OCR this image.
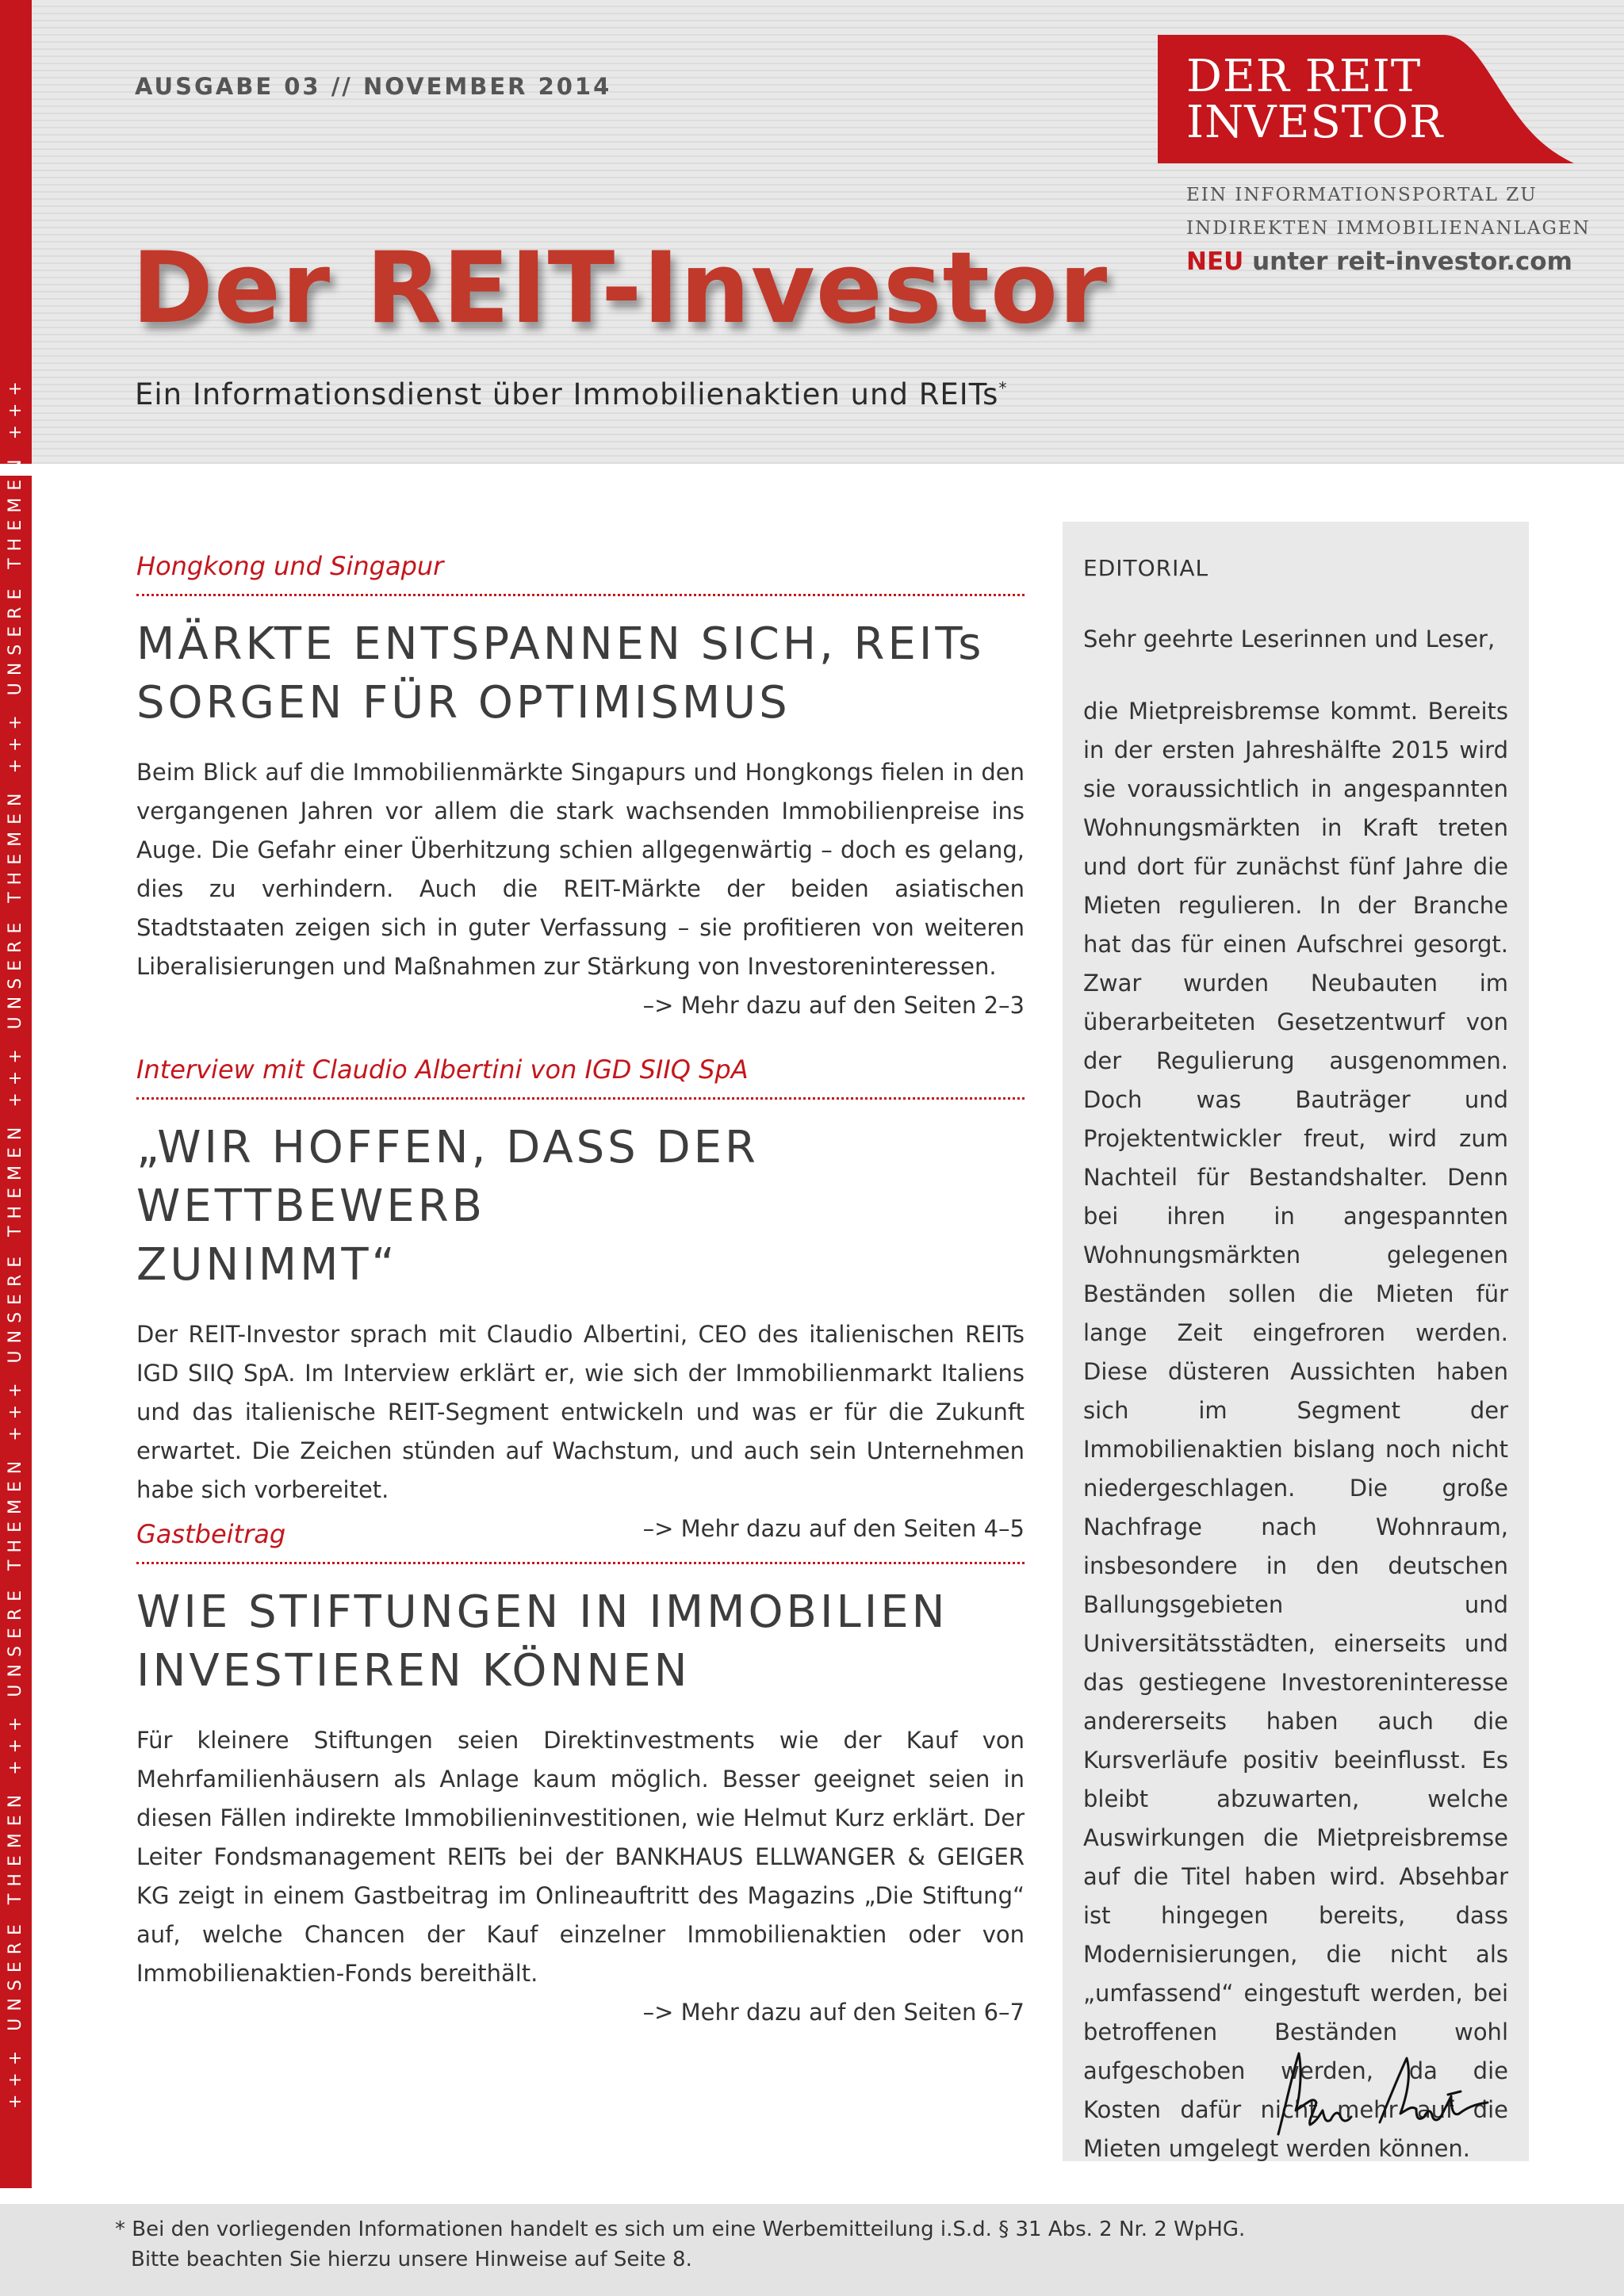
AUSGABE 03 // NOVEMBER 2014
Der REIT-Investor
Ein Informationsdienst über Immobilienaktien und REITs*
DER REIT
INVESTOR
EIN INFORMATIONSPORTAL ZU
INDIREKTEN IMMOBILIENANLAGEN
NEU unter reit-investor.com
+++ UNSERE THEMEN +++ UNSERE THEMEN +++ UNSERE THEMEN +++ UNSERE THEMEN +++ UNSERE THEMEN +++	Hongkong und Singapur
MÄRKTE ENTSPANNEN SICH, REITs
SORGEN FÜR OPTIMISMUS
Beim Blick auf die Immobilienmärkte Singapurs und Hongkongs fielen in den vergangenen Jahren vor allem die stark wachsenden Immobilienpreise ins Auge. Die Gefahr einer Überhitzung schien allgegenwärtig – doch es gelang, dies zu verhindern. Auch die REIT-Märkte der beiden asiatischen Stadtstaaten zeigen sich in guter Verfassung – sie profitieren von weiteren Liberalisierungen und Maßnahmen zur Stärkung von Investoreninteressen.
–> Mehr dazu auf den Seiten 2–3
Interview mit Claudio Albertini von IGD SIIQ SpA
„WIR HOFFEN, DASS DER WETTBEWERB
ZUNIMMT“
Der REIT-Investor sprach mit Claudio Albertini, CEO des italienischen REITs IGD SIIQ SpA. Im Interview erklärt er, wie sich der Immobilienmarkt Italiens und das italienische REIT-Segment entwickeln und was er für die Zukunft erwartet. Die Zeichen stünden auf Wachstum, und auch sein Unternehmen habe sich vorbereitet.
–> Mehr dazu auf den Seiten 4–5
Gastbeitrag
WIE STIFTUNGEN IN IMMOBILIEN
INVESTIEREN KÖNNEN
Für kleinere Stiftungen seien Direktinvestments wie der Kauf von Mehrfamilienhäusern als Anlage kaum möglich. Besser geeignet seien in diesen Fällen indirekte Immobilieninvestitionen, wie Helmut Kurz erklärt. Der Leiter Fondsmanagement REITs bei der BANKHAUS ELLWANGER & GEIGER KG zeigt in einem Gastbeitrag im Onlineauftritt des Magazins „Die Stiftung“ auf, welche Chancen der Kauf einzelner Immobilienaktien oder von Immobilienaktien-Fonds bereithält.
–> Mehr dazu auf den Seiten 6–7
EDITORIAL
Sehr geehrte Leserinnen und Leser,
die Mietpreisbremse kommt. Bereits in der ersten Jahreshälfte 2015 wird sie voraussichtlich in angespannten Wohnungsmärkten in Kraft treten und dort für zunächst fünf Jahre die Mieten regulieren. In der Branche hat das für einen Aufschrei gesorgt. Zwar wurden Neubauten im überarbeiteten Gesetzentwurf von der Regulierung ausgenommen. Doch was Bauträger und Projektentwickler freut, wird zum Nachteil für Bestandshalter. Denn bei ihren in angespannten Wohnungsmärkten gelegenen Beständen sollen die Mieten für lange Zeit eingefroren werden. Diese düsteren Aussichten haben sich im Segment der Immobilienaktien bislang noch nicht niedergeschlagen. Die große Nachfrage nach Wohnraum, insbesondere in den deutschen Ballungsgebieten und Universitätsstädten, einerseits und das gestiegene Investoreninteresse andererseits haben auch die Kursverläufe positiv beeinflusst. Es bleibt abzuwarten, welche Auswirkungen die Mietpreisbremse auf die Titel haben wird. Absehbar ist hingegen bereits, dass Modernisierungen, die nicht als „umfassend“ eingestuft werden, bei betroffenen Beständen wohl aufgeschoben werden, da die Kosten dafür nicht mehr auf die Mieten umgelegt werden können.
* Bei den vorliegenden Informationen handelt es sich um eine Werbemitteilung i.S.d. § 31 Abs. 2 Nr. 2 WpHG.
Bitte beachten Sie hierzu unsere Hinweise auf Seite 8.
